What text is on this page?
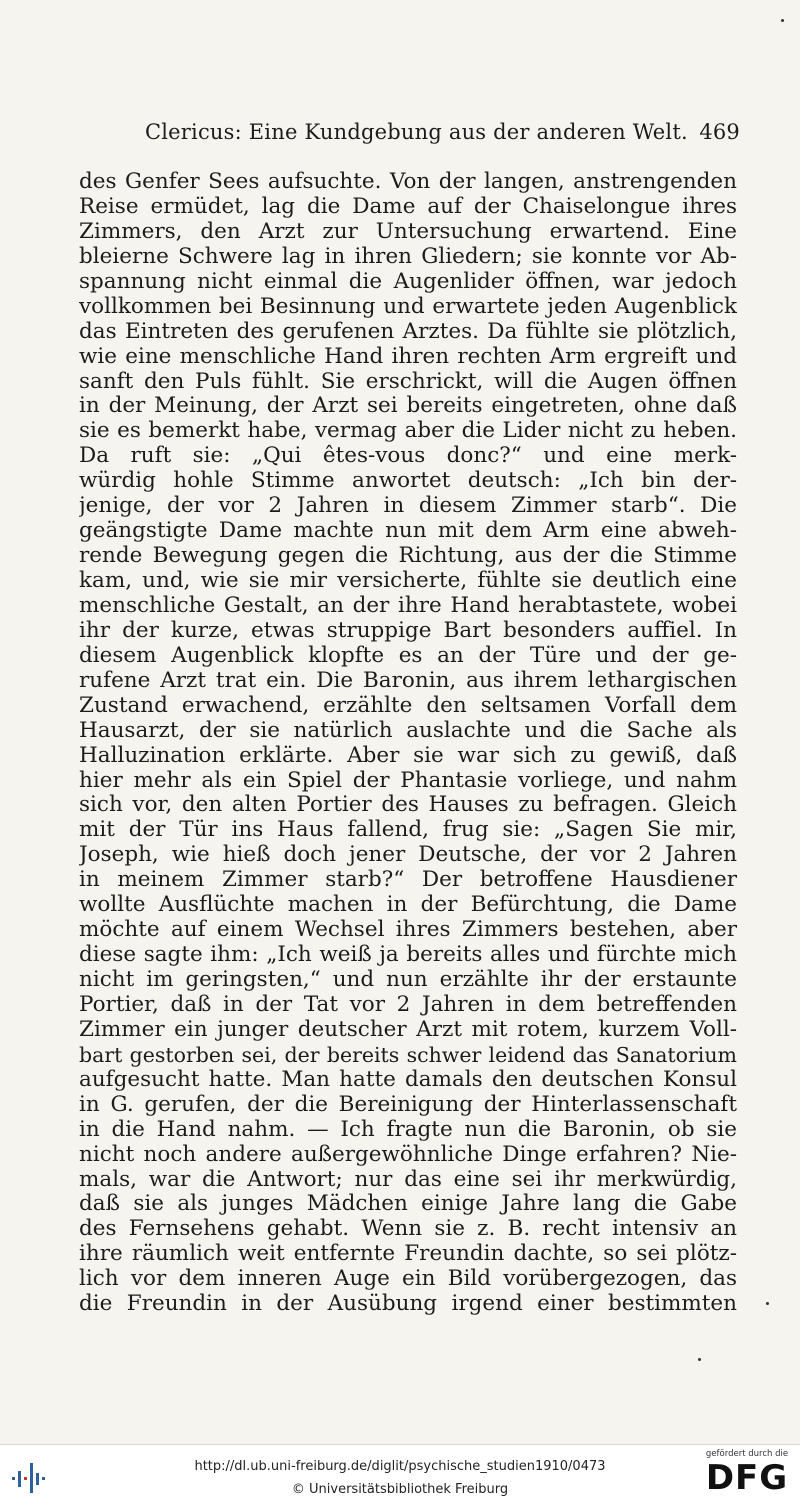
Clericus: Eine Kundgebung aus der anderen Welt. 469
des Genfer Sees aufsuchte. Von der langen, anstrengenden
Reise ermüdet, lag die Dame auf der Chaiselongue ihres
Zimmers, den Arzt zur Untersuchung erwartend. Eine
bleierne Schwere lag in ihren Gliedern; sie konnte vor Ab-
spannung nicht einmal die Augenlider öffnen, war jedoch
vollkommen bei Besinnung und erwartete jeden Augenblick
das Eintreten des gerufenen Arztes. Da fühlte sie plötzlich,
wie eine menschliche Hand ihren rechten Arm ergreift und
sanft den Puls fühlt. Sie erschrickt, will die Augen öffnen
in der Meinung, der Arzt sei bereits eingetreten, ohne daß
sie es bemerkt habe, vermag aber die Lider nicht zu heben.
Da ruft sie: „Qui êtes-vous donc?“ und eine merk-
würdig hohle Stimme anwortet deutsch: „Ich bin der-
jenige, der vor 2 Jahren in diesem Zimmer starb“. Die
geängstigte Dame machte nun mit dem Arm eine abweh-
rende Bewegung gegen die Richtung, aus der die Stimme
kam, und, wie sie mir versicherte, fühlte sie deutlich eine
menschliche Gestalt, an der ihre Hand herabtastete, wobei
ihr der kurze, etwas struppige Bart besonders auffiel. In
diesem Augenblick klopfte es an der Türe und der ge-
rufene Arzt trat ein. Die Baronin, aus ihrem lethargischen
Zustand erwachend, erzählte den seltsamen Vorfall dem
Hausarzt, der sie natürlich auslachte und die Sache als
Halluzination erklärte. Aber sie war sich zu gewiß, daß
hier mehr als ein Spiel der Phantasie vorliege, und nahm
sich vor, den alten Portier des Hauses zu befragen. Gleich
mit der Tür ins Haus fallend, frug sie: „Sagen Sie mir,
Joseph, wie hieß doch jener Deutsche, der vor 2 Jahren
in meinem Zimmer starb?“ Der betroffene Hausdiener
wollte Ausflüchte machen in der Befürchtung, die Dame
möchte auf einem Wechsel ihres Zimmers bestehen, aber
diese sagte ihm: „Ich weiß ja bereits alles und fürchte mich
nicht im geringsten,“ und nun erzählte ihr der erstaunte
Portier, daß in der Tat vor 2 Jahren in dem betreffenden
Zimmer ein junger deutscher Arzt mit rotem, kurzem Voll-
bart gestorben sei, der bereits schwer leidend das Sanatorium
aufgesucht hatte. Man hatte damals den deutschen Konsul
in G. gerufen, der die Bereinigung der Hinterlassenschaft
in die Hand nahm. — Ich fragte nun die Baronin, ob sie
nicht noch andere außergewöhnliche Dinge erfahren? Nie-
mals, war die Antwort; nur das eine sei ihr merkwürdig,
daß sie als junges Mädchen einige Jahre lang die Gabe
des Fernsehens gehabt. Wenn sie z. B. recht intensiv an
ihre räumlich weit entfernte Freundin dachte, so sei plötz-
lich vor dem inneren Auge ein Bild vorübergezogen, das
die Freundin in der Ausübung irgend einer bestimmten
http://dl.ub.uni-freiburg.de/diglit/psychische_studien1910/0473
© Universitätsbibliothek Freiburg
gefördert durch die
DFG
